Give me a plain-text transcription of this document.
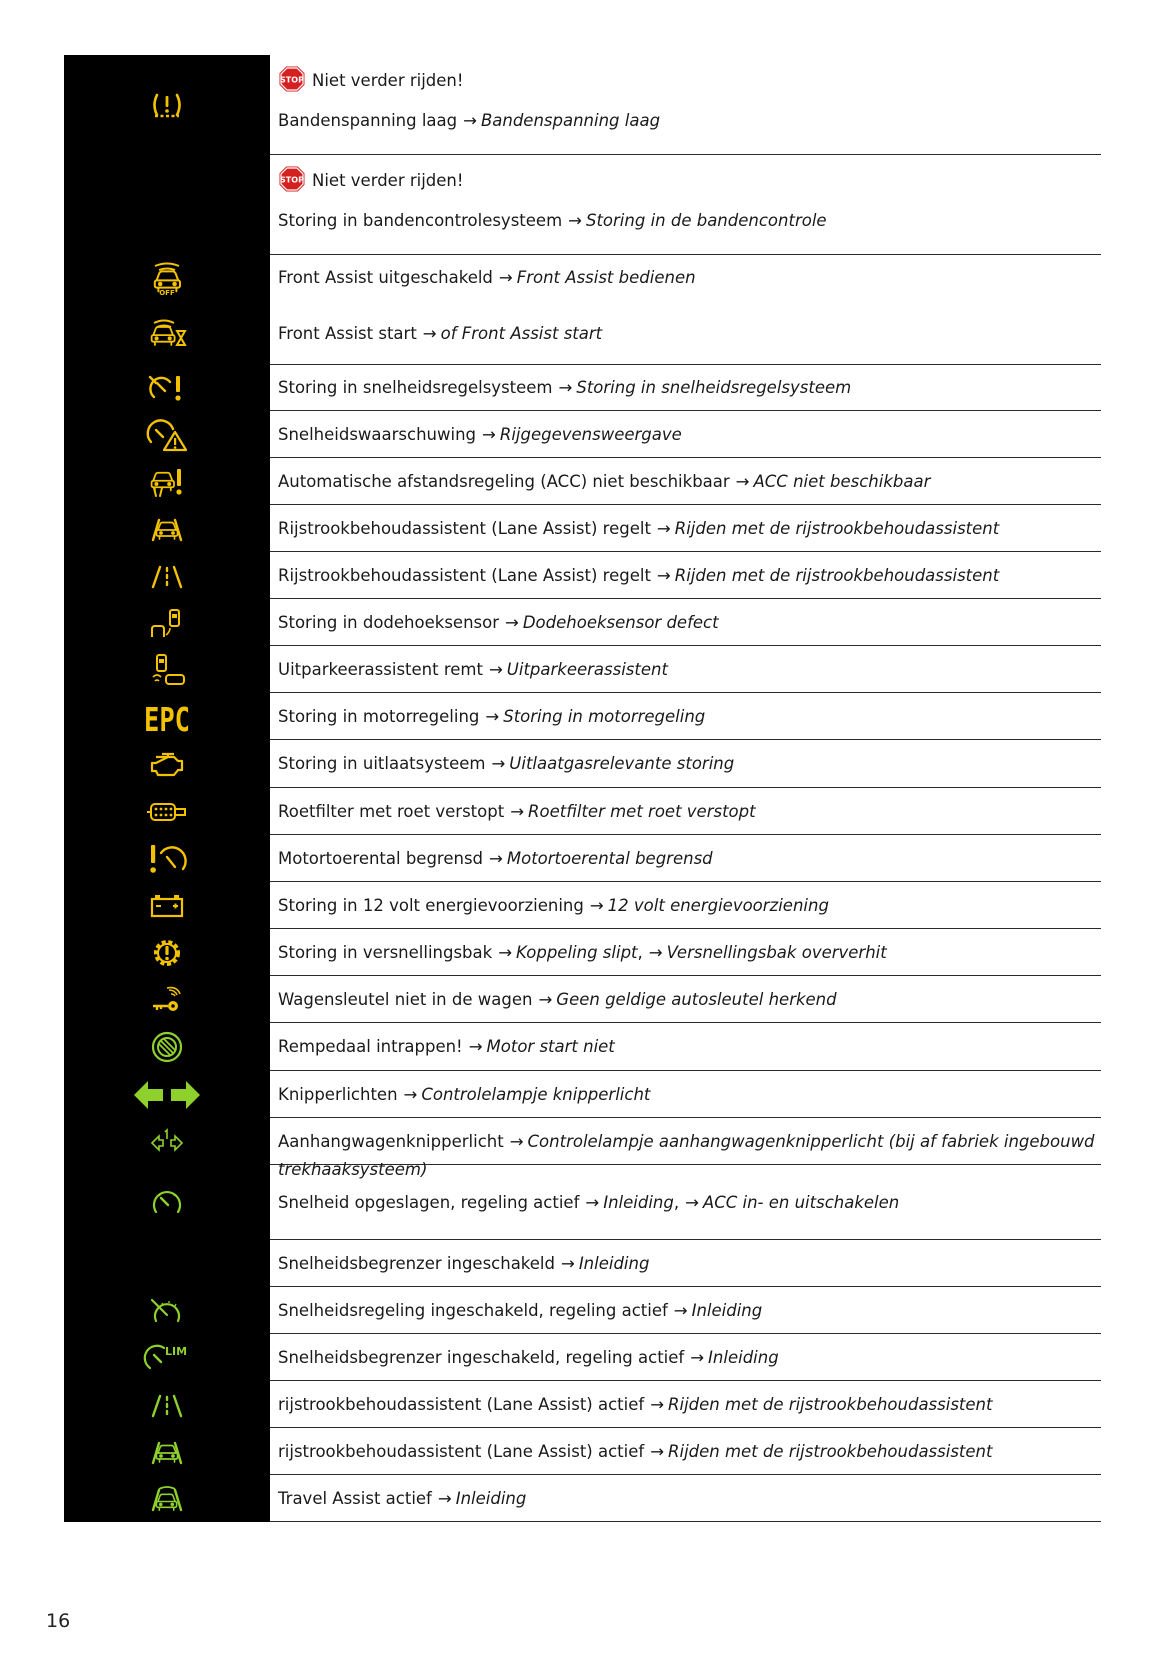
STOP Niet verder rijden!
Bandenspanning laag → Bandenspanning laag
STOP Niet verder rijden!
Storing in bandencontrolesysteem → Storing in de bandencontrole
OFF
Front Assist uitgeschakeld → Front Assist bedienen
Front Assist start → of Front Assist start
Storing in snelheidsregelsysteem → Storing in snelheidsregelsysteem
Snelheidswaarschuwing → Rijgegevensweergave
Automatische afstandsregeling (ACC) niet beschikbaar → ACC niet beschikbaar
Rijstrookbehoudassistent (Lane Assist) regelt → Rijden met de rijstrookbehoudassistent
Rijstrookbehoudassistent (Lane Assist) regelt → Rijden met de rijstrookbehoudassistent
Storing in dodehoeksensor → Dodehoeksensor defect
Uitparkeerassistent remt → Uitparkeerassistent
EPC	Storing in motorregeling → Storing in motorregeling
Storing in uitlaatsysteem → Uitlaatgasrelevante storing
Roetfilter met roet verstopt → Roetfilter met roet verstopt
Motortoerental begrensd → Motortoerental begrensd
Storing in 12 volt energievoorziening → 12 volt energievoorziening
Storing in versnellingsbak → Koppeling slipt, → Versnellingsbak oververhit
Wagensleutel niet in de wagen → Geen geldige autosleutel herkend
Rempedaal intrappen! → Motor start niet
Knipperlichten → Controlelampje knipperlicht
Aanhangwagenknipperlicht → Controlelampje aanhangwagenknipperlicht (bij af fabriek ingebouwd trekhaaksysteem)
Snelheid opgeslagen, regeling actief → Inleiding, → ACC in- en uitschakelen
Snelheidsbegrenzer ingeschakeld → Inleiding
Snelheidsregeling ingeschakeld, regeling actief → Inleiding
LIM	Snelheidsbegrenzer ingeschakeld, regeling actief → Inleiding
rijstrookbehoudassistent (Lane Assist) actief → Rijden met de rijstrookbehoudassistent
rijstrookbehoudassistent (Lane Assist) actief → Rijden met de rijstrookbehoudassistent
Travel Assist actief → Inleiding
16
